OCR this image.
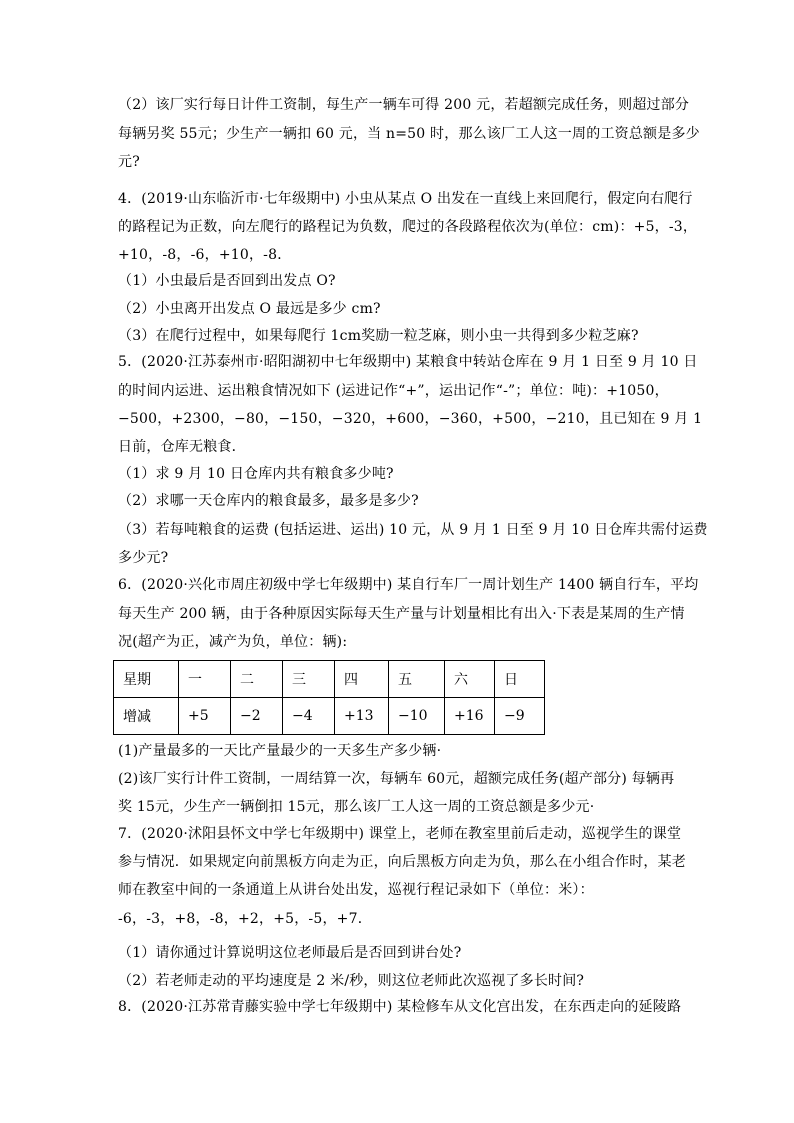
（2）该厂实行每日计件工资制，每生产一辆车可得 200 元，若超额完成任务，则超过部分
每辆另奖 55元；少生产一辆扣 60 元，当 n=50 时，那么该厂工人这一周的工资总额是多少
元?
4．(2019·山东临沂市·七年级期中) 小虫从某点 O 出发在一直线上来回爬行，假定向右爬行
的路程记为正数，向左爬行的路程记为负数，爬过的各段路程依次为(单位：cm)：+5，-3，
+10，-8，-6，+10，-8．
（1）小虫最后是否回到出发点 O?
（2）小虫离开出发点 O 最远是多少 cm?
（3）在爬行过程中，如果每爬行 1cm奖励一粒芝麻，则小虫一共得到多少粒芝麻?
5．(2020·江苏泰州市·昭阳湖初中七年级期中) 某粮食中转站仓库在 9 月 1 日至 9 月 10 日
的时间内运进、运出粮食情况如下 (运进记作“+”，运出记作“-”；单位：吨)：+1050，
−500，+2300，−80，−150，−320，+600，−360，+500，−210，且已知在 9 月 1
日前，仓库无粮食．
（1）求 9 月 10 日仓库内共有粮食多少吨?
（2）求哪一天仓库内的粮食最多，最多是多少?
（3）若每吨粮食的运费 (包括运进、运出) 10 元，从 9 月 1 日至 9 月 10 日仓库共需付运费
多少元?
6．(2020·兴化市周庄初级中学七年级期中) 某自行车厂一周计划生产 1400 辆自行车，平均
每天生产 200 辆，由于各种原因实际每天生产量与计划量相比有出入·下表是某周的生产情
况(超产为正，减产为负，单位：辆):
星期	一	二	三	四	五	六	日
增减	+5	−2	−4	+13	−10	+16	−9
(1)产量最多的一天比产量最少的一天多生产多少辆·
(2)该厂实行计件工资制，一周结算一次，每辆车 60元，超额完成任务(超产部分) 每辆再
奖 15元，少生产一辆倒扣 15元，那么该厂工人这一周的工资总额是多少元·
7．(2020·沭阳县怀文中学七年级期中) 课堂上，老师在教室里前后走动，巡视学生的课堂
参与情况．如果规定向前黑板方向走为正，向后黑板方向走为负，那么在小组合作时，某老
师在教室中间的一条通道上从讲台处出发，巡视行程记录如下（单位：米）：
-6，-3，+8，-8，+2，+5，-5，+7．
（1）请你通过计算说明这位老师最后是否回到讲台处?
（2）若老师走动的平均速度是 2 米/秒，则这位老师此次巡视了多长时间?
8．(2020·江苏常青藤实验中学七年级期中) 某检修车从文化宫出发，在东西走向的延陵路
